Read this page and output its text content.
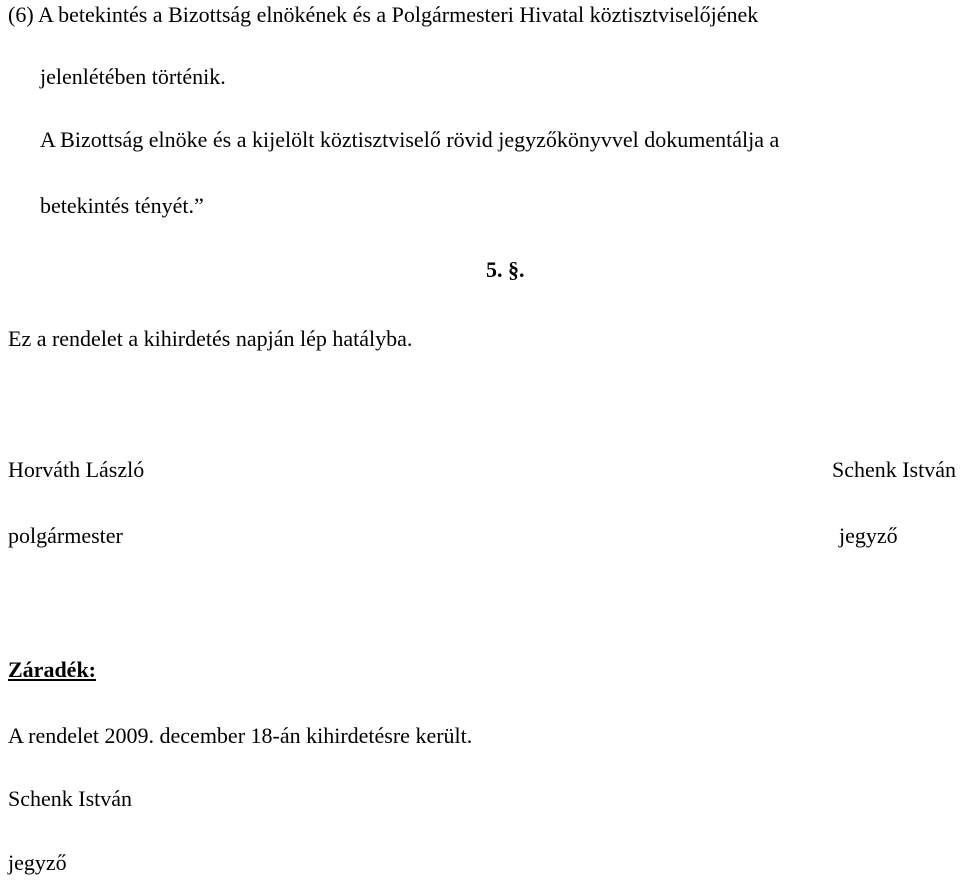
(6) A betekintés a Bizottság elnökének és a Polgármesteri Hivatal köztisztviselőjének
jelenlétében történik.
A Bizottság elnöke és a kijelölt köztisztviselő rövid jegyzőkönyvvel dokumentálja a
betekintés tényét.”
5. §.
Ez a rendelet a kihirdetés napján lép hatályba.
Horváth László	Schenk István
polgármester	jegyző
Záradék:
A rendelet 2009. december 18-án kihirdetésre került.
Schenk István
jegyző
